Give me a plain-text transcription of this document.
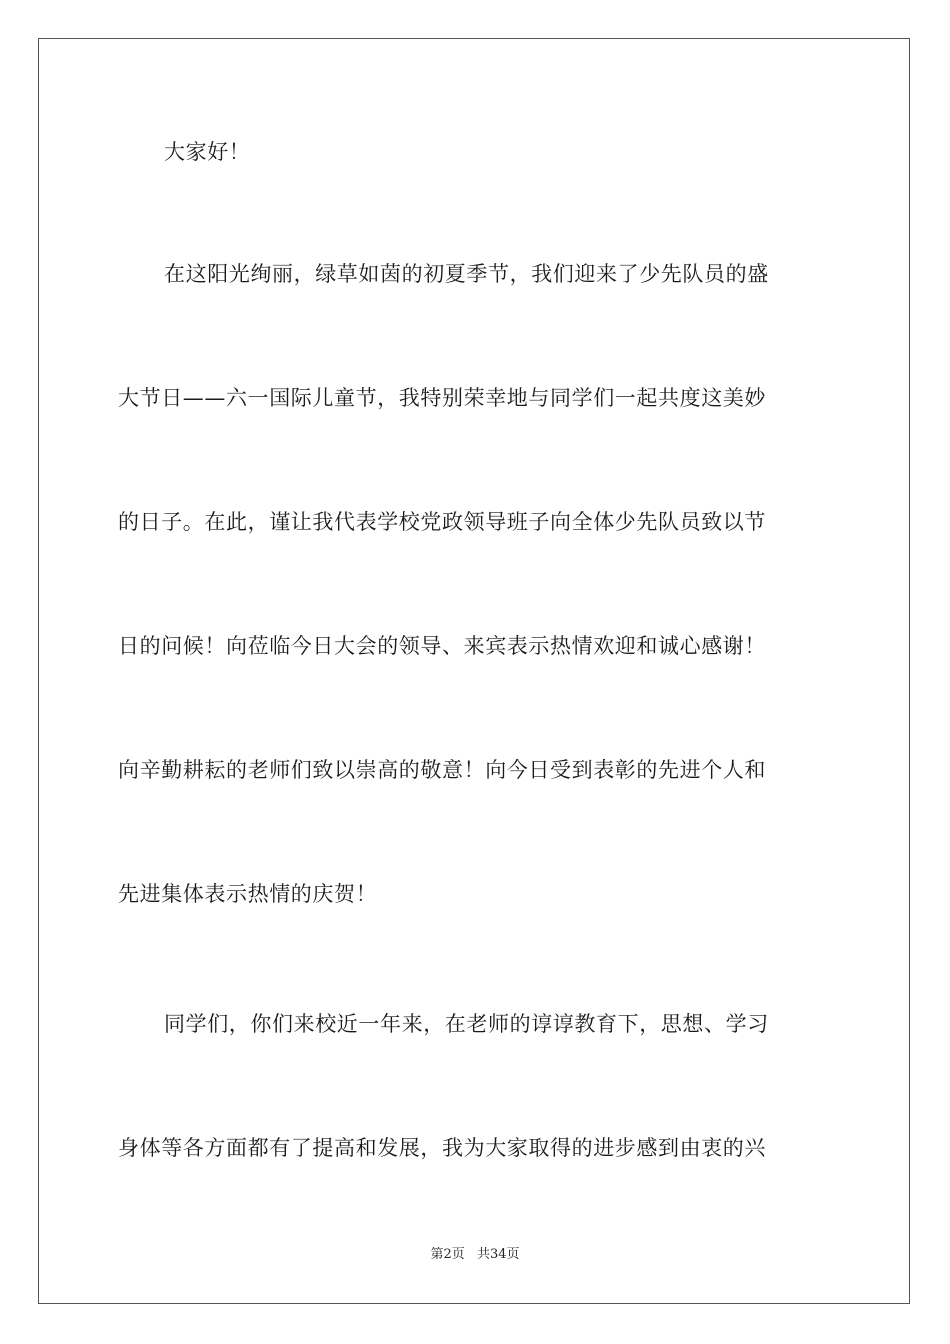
大家好！
在这阳光绚丽，绿草如茵的初夏季节，我们迎来了少先队员的盛
大节日——六一国际儿童节，我特别荣幸地与同学们一起共度这美妙
的日子。在此，谨让我代表学校党政领导班子向全体少先队员致以节
日的问候！向莅临今日大会的领导、来宾表示热情欢迎和诚心感谢！
向辛勤耕耘的老师们致以崇高的敬意！向今日受到表彰的先进个人和
先进集体表示热情的庆贺！
同学们，你们来校近一年来，在老师的谆谆教育下，思想、学习
身体等各方面都有了提高和发展，我为大家取得的进步感到由衷的兴
第2页 共34页
